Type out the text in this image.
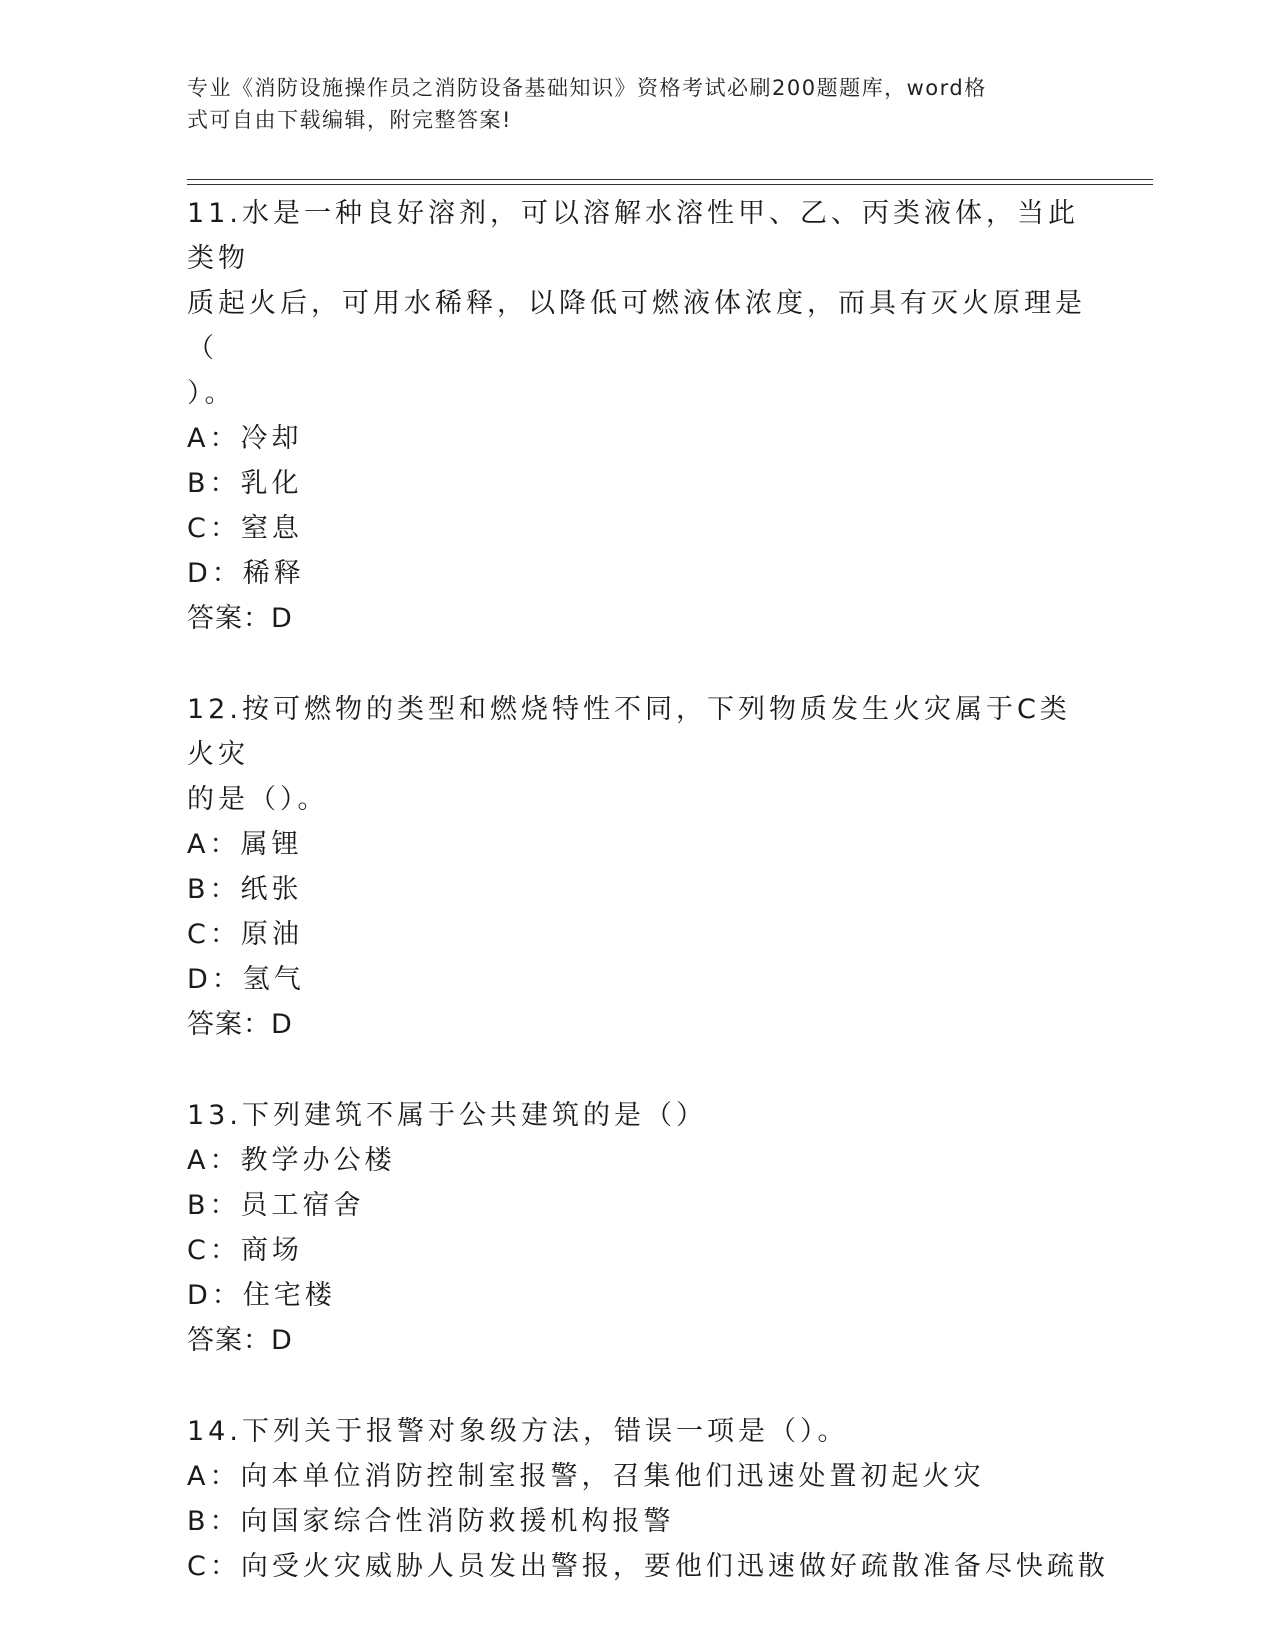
专业《消防设施操作员之消防设备基础知识》资格考试必刷200题题库，word格
式可自由下载编辑，附完整答案!

11.水是一种良好溶剂，可以溶解水溶性甲、乙、丙类液体，当此类物

质起火后，可用水稀释，以降低可燃液体浓度，而具有灭火原理是（

）。

A：冷却

B：乳化

C：窒息

D：稀释

答案：D

12.按可燃物的类型和燃烧特性不同，下列物质发生火灾属于C类火灾

的是（）。

A：属锂

B：纸张

C：原油

D：氢气

答案：D

13.下列建筑不属于公共建筑的是（）

A：教学办公楼

B：员工宿舍

C：商场

D：住宅楼

答案：D

14.下列关于报警对象级方法，错误一项是（）。

A：向本单位消防控制室报警，召集他们迅速处置初起火灾

B：向国家综合性消防救援机构报警

C：向受火灾威胁人员发出警报，要他们迅速做好疏散准备尽快疏散
